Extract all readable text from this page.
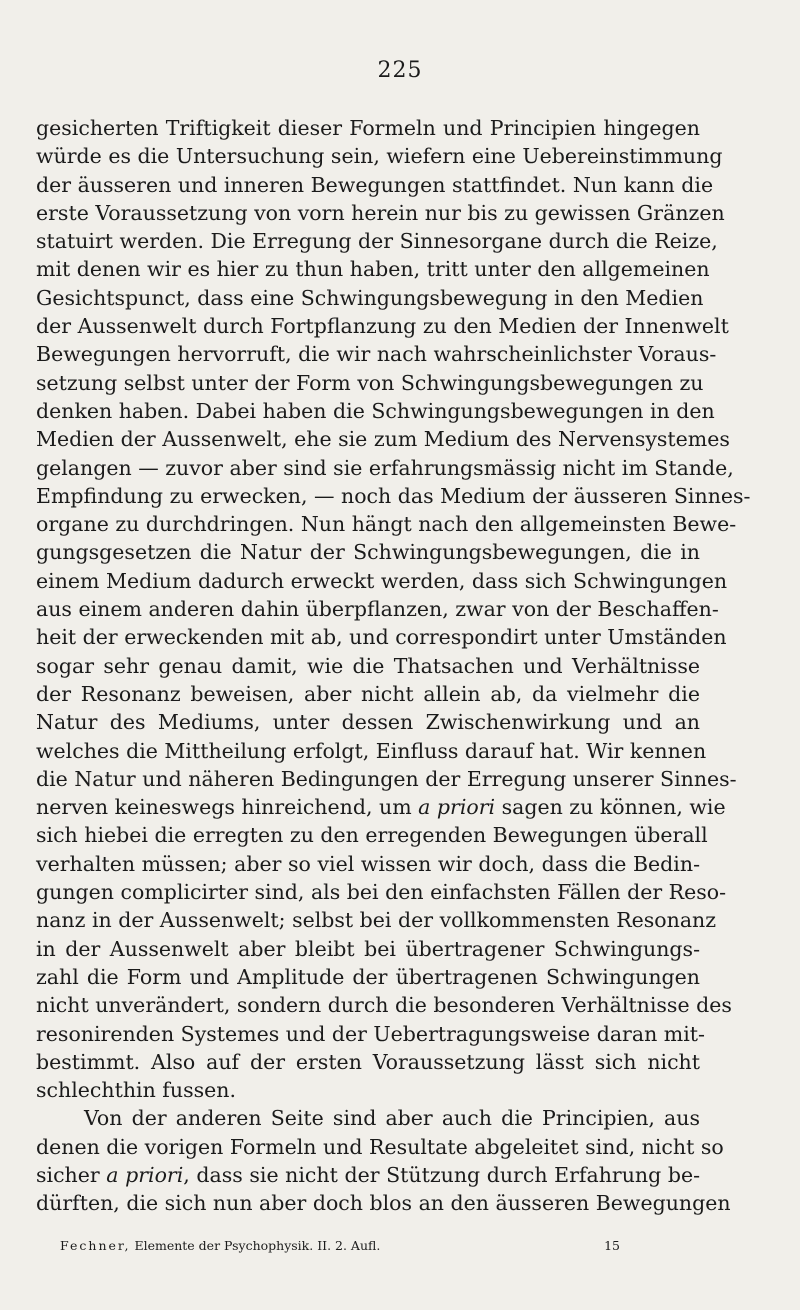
225
gesicherten Triftigkeit dieser Formeln und Principien hingegen
würde es die Untersuchung sein, wiefern eine Uebereinstimmung
der äusseren und inneren Bewegungen stattfindet. Nun kann die
erste Voraussetzung von vorn herein nur bis zu gewissen Gränzen
statuirt werden. Die Erregung der Sinnesorgane durch die Reize,
mit denen wir es hier zu thun haben, tritt unter den allgemeinen
Gesichtspunct, dass eine Schwingungsbewegung in den Medien
der Aussenwelt durch Fortpflanzung zu den Medien der Innenwelt
Bewegungen hervorruft, die wir nach wahrscheinlichster Voraus-
setzung selbst unter der Form von Schwingungsbewegungen zu
denken haben. Dabei haben die Schwingungsbewegungen in den
Medien der Aussenwelt, ehe sie zum Medium des Nervensystemes
gelangen — zuvor aber sind sie erfahrungsmässig nicht im Stande,
Empfindung zu erwecken, — noch das Medium der äusseren Sinnes-
organe zu durchdringen. Nun hängt nach den allgemeinsten Bewe-
gungsgesetzen die Natur der Schwingungsbewegungen, die in
einem Medium dadurch erweckt werden, dass sich Schwingungen
aus einem anderen dahin überpflanzen, zwar von der Beschaffen-
heit der erweckenden mit ab, und correspondirt unter Umständen
sogar sehr genau damit, wie die Thatsachen und Verhältnisse
der Resonanz beweisen, aber nicht allein ab, da vielmehr die
Natur des Mediums, unter dessen Zwischenwirkung und an
welches die Mittheilung erfolgt, Einfluss darauf hat. Wir kennen
die Natur und näheren Bedingungen der Erregung unserer Sinnes-
nerven keineswegs hinreichend, um a priori sagen zu können, wie
sich hiebei die erregten zu den erregenden Bewegungen überall
verhalten müssen; aber so viel wissen wir doch, dass die Bedin-
gungen complicirter sind, als bei den einfachsten Fällen der Reso-
nanz in der Aussenwelt; selbst bei der vollkommensten Resonanz
in der Aussenwelt aber bleibt bei übertragener Schwingungs-
zahl die Form und Amplitude der übertragenen Schwingungen
nicht unverändert, sondern durch die besonderen Verhältnisse des
resonirenden Systemes und der Uebertragungsweise daran mit-
bestimmt. Also auf der ersten Voraussetzung lässt sich nicht
schlechthin fussen.
Von der anderen Seite sind aber auch die Principien, aus
denen die vorigen Formeln und Resultate abgeleitet sind, nicht so
sicher a priori, dass sie nicht der Stützung durch Erfahrung be-
dürften, die sich nun aber doch blos an den äusseren Bewegungen
Fechner, Elemente der Psychophysik. II. 2. Aufl.	15
